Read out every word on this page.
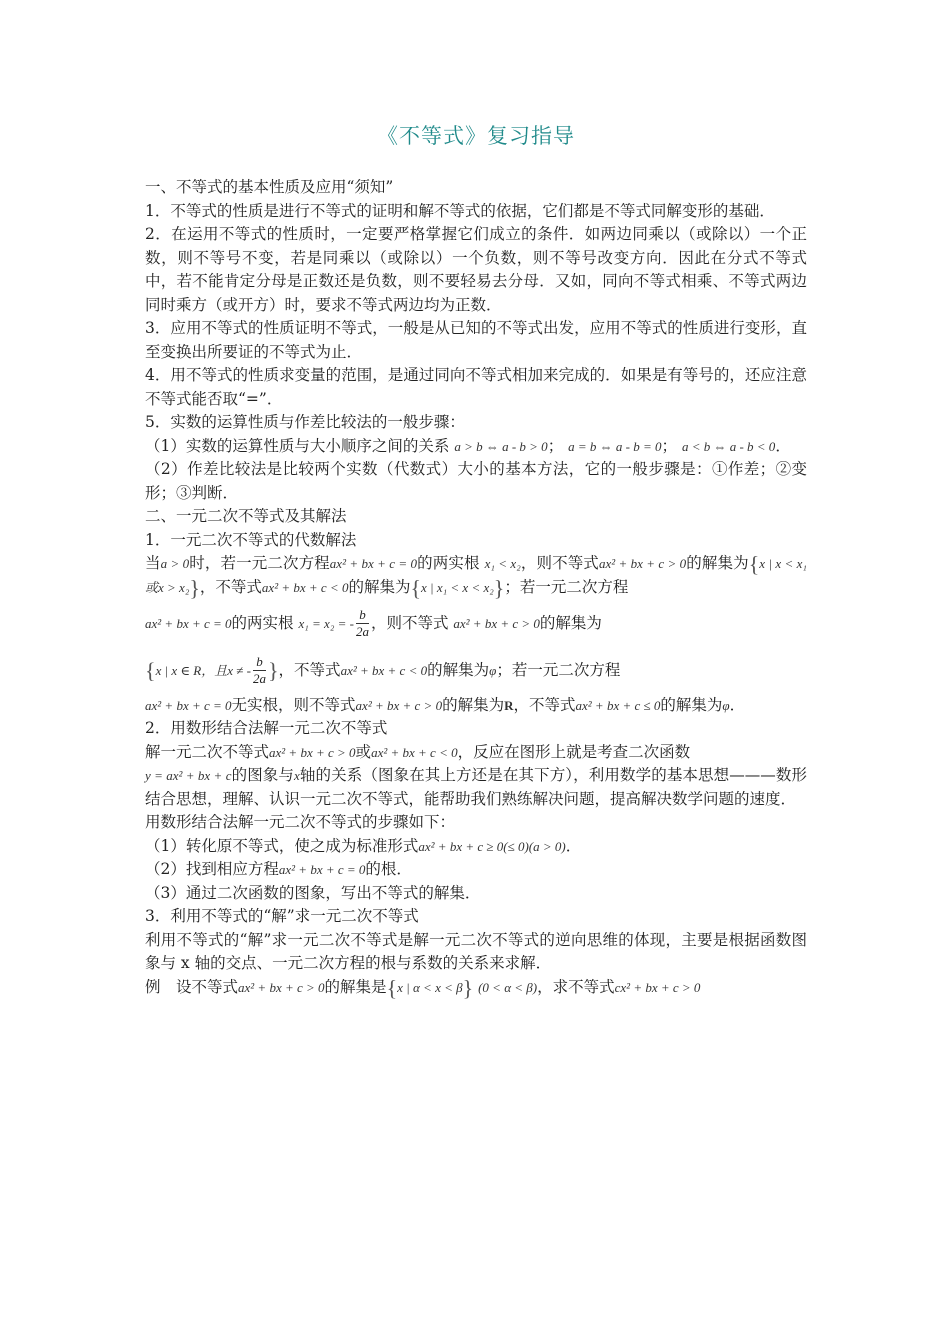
《不等式》复习指导

一、不等式的基本性质及应用“须知”

1．不等式的性质是进行不等式的证明和解不等式的依据，它们都是不等式同解变形的基础．

2．在运用不等式的性质时，一定要严格掌握它们成立的条件．如两边同乘以（或除以）一个正数，则不等号不变，若是同乘以（或除以）一个负数，则不等号改变方向．因此在分式不等式中，若不能肯定分母是正数还是负数，则不要轻易去分母．又如，同向不等式相乘、不等式两边同时乘方（或开方）时，要求不等式两边均为正数．

3．应用不等式的性质证明不等式，一般是从已知的不等式出发，应用不等式的性质进行变形，直至变换出所要证的不等式为止．

4．用不等式的性质求变量的范围，是通过同向不等式相加来完成的．如果是有等号的，还应注意不等式能否取“=”．

5．实数的运算性质与作差比较法的一般步骤：

（1）实数的运算性质与大小顺序之间的关系 a > b ⇔ a - b > 0； a = b ⇔ a - b = 0； a < b ⇔ a - b < 0．

（2）作差比较法是比较两个实数（代数式）大小的基本方法，它的一般步骤是：①作差；②变形；③判断．

二、一元二次不等式及其解法

1．一元二次不等式的代数解法

当a > 0时，若一元二次方程ax² + bx + c = 0的两实根 x₁ < x₂，则不等式ax² + bx + c > 0的解集为{x | x < x₁或x > x₂}，不等式ax² + bx + c < 0的解集为{x | x₁ < x < x₂}；若一元二次方程

ax² + bx + c = 0的两实根 x₁ = x₂ = - $\frac{b}{2a}$ ，则不等式 ax² + bx + c > 0的解集为

{x | x ∈ R，且x ≠ - $\frac{b}{2a}$ }，不等式ax² + bx + c < 0的解集为φ；若一元二次方程

ax² + bx + c = 0无实根，则不等式ax² + bx + c > 0的解集为R，不等式ax² + bx + c ≤ 0的解集为φ．

2．用数形结合法解一元二次不等式

解一元二次不等式ax² + bx + c > 0或ax² + bx + c < 0，反应在图形上就是考查二次函数
y = ax² + bx + c的图象与x轴的关系（图象在其上方还是在其下方），利用数学的基本思想———数形结合思想，理解、认识一元二次不等式，能帮助我们熟练解决问题，提高解决数学问题的速度．

用数形结合法解一元二次不等式的步骤如下：

（1）转化原不等式，使之成为标准形式ax² + bx + c ≥ 0(≤ 0)(a > 0)．

（2）找到相应方程ax² + bx + c = 0的根．

（3）通过二次函数的图象，写出不等式的解集．

3．利用不等式的“解”求一元二次不等式

利用不等式的“解”求一元二次不等式是解一元二次不等式的逆向思维的体现，主要是根据函数图象与 x 轴的交点、一元二次方程的根与系数的关系来求解．

例　设不等式ax² + bx + c > 0的解集是{x | α < x < β} (0 < α < β)，求不等式cx² + bx + c > 0
